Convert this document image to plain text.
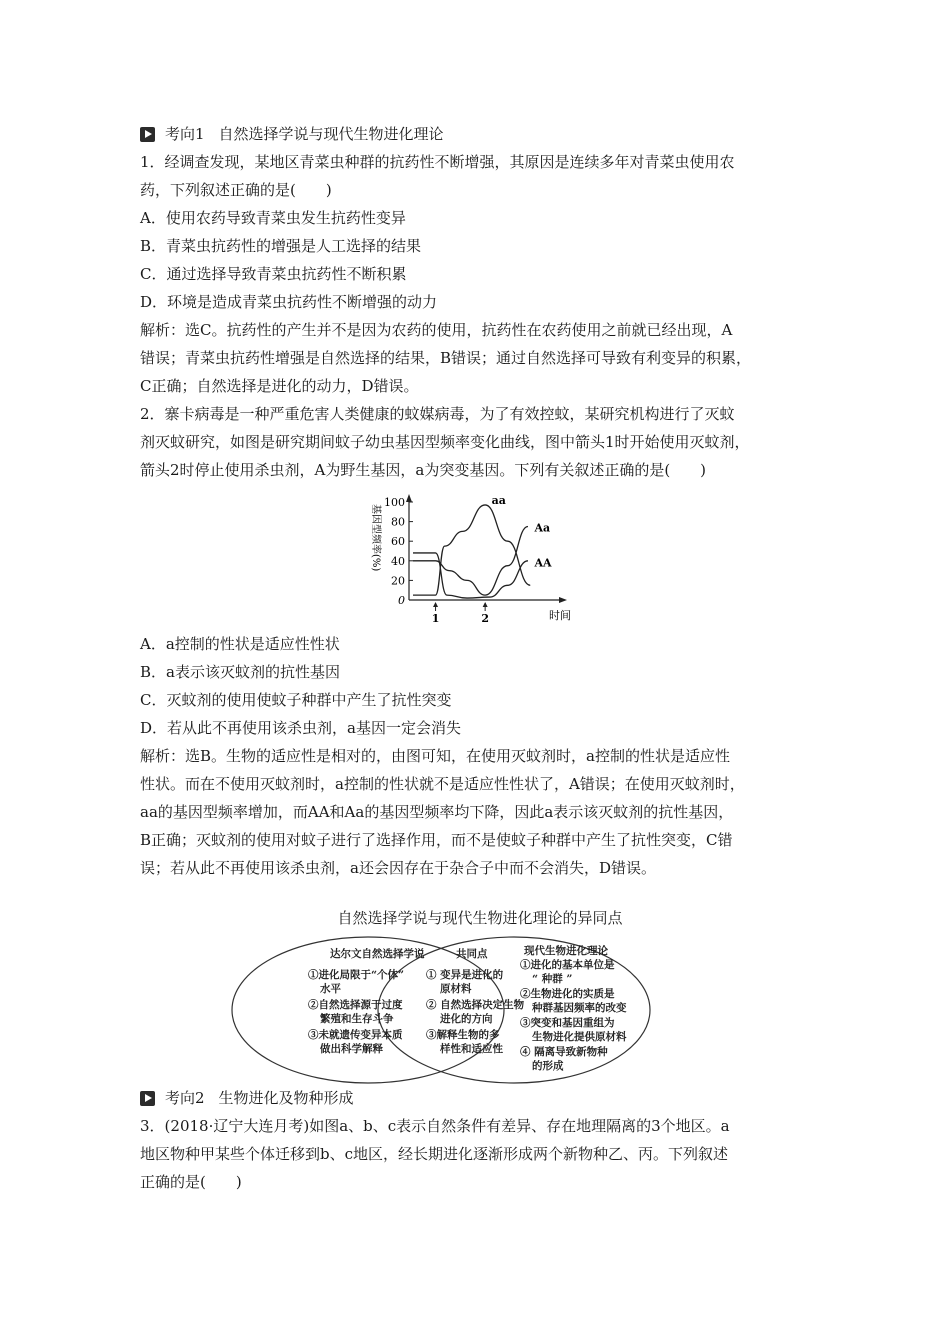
考向1 自然选择学说与现代生物进化理论
1．经调查发现，某地区青菜虫种群的抗药性不断增强，其原因是连续多年对青菜虫使用农
药，下列叙述正确的是(　　)
A．使用农药导致青菜虫发生抗药性变异
B．青菜虫抗药性的增强是人工选择的结果
C．通过选择导致青菜虫抗药性不断积累
D．环境是造成青菜虫抗药性不断增强的动力
解析：选C。抗药性的产生并不是因为农药的使用，抗药性在农药使用之前就已经出现，A
错误；青菜虫抗药性增强是自然选择的结果，B错误；通过自然选择可导致有利变异的积累，
C正确；自然选择是进化的动力，D错误。
2．寨卡病毒是一种严重危害人类健康的蚊媒病毒，为了有效控蚊，某研究机构进行了灭蚊
剂灭蚊研究，如图是研究期间蚊子幼虫基因型频率变化曲线，图中箭头1时开始使用灭蚊剂，
箭头2时停止使用杀虫剂，A为野生基因，a为突变基因。下列有关叙述正确的是(　　)
基因型频率(%)
时间
100
80
60
40
20
0
aa
Aa
AA
1	2
A．a控制的性状是适应性性状
B．a表示该灭蚊剂的抗性基因
C．灭蚊剂的使用使蚊子种群中产生了抗性突变
D．若从此不再使用该杀虫剂，a基因一定会消失
解析：选B。生物的适应性是相对的，由图可知，在使用灭蚊剂时，a控制的性状是适应性
性状。而在不使用灭蚊剂时，a控制的性状就不是适应性性状了，A错误；在使用灭蚊剂时，
aa的基因型频率增加，而AA和Aa的基因型频率均下降，因此a表示该灭蚊剂的抗性基因，
B正确；灭蚊剂的使用对蚊子进行了选择作用，而不是使蚊子种群中产生了抗性突变，C错
误；若从此不再使用该杀虫剂，a还会因存在于杂合子中而不会消失，D错误。
自然选择学说与现代生物进化理论的异同点
达尔文自然选择学说
①进化局限于“个体”
水平
②自然选择源于过度
繁殖和生存斗争
③未就遗传变异本质
做出科学解释
共同点
① 变异是进化的
原材料
② 自然选择决定生物
进化的方向
③解释生物的多
样性和适应性
现代生物进化理论
①进化的基本单位是
“ 种群 ”
②生物进化的实质是
种群基因频率的改变
③突变和基因重组为
生物进化提供原材料
④ 隔离导致新物种
的形成
考向2 生物进化及物种形成
3．(2018·辽宁大连月考)如图a、b、c表示自然条件有差异、存在地理隔离的3个地区。a
地区物种甲某些个体迁移到b、c地区，经长期进化逐渐形成两个新物种乙、丙。下列叙述
正确的是(　　)
